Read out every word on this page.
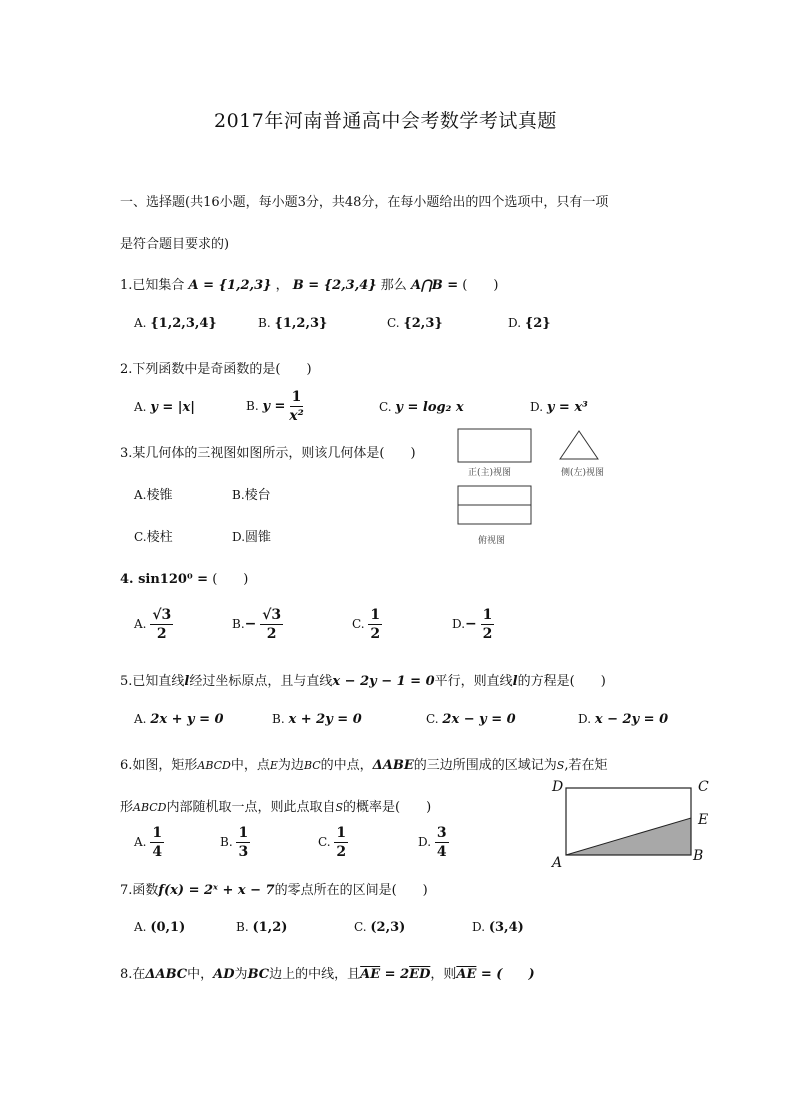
2017年河南普通高中会考数学考试真题
一、选择题(共16小题，每小题3分，共48分，在每小题给出的四个选项中，只有一项
是符合题目要求的)
1.已知集合 A = {1,2,3} ， B = {2,3,4} 那么 A⋂B = (　　)
A. {1,2,3,4}	B. {1,2,3}	C. {2,3}	D. {2}
2.下列函数中是奇函数的是(　　)
A. y = |x|	B. $y = \frac{1}{\text{x²}}$	C. y = log₂ x	D. y = x³
3.某几何体的三视图如图所示，则该几何体是(　　)
A.棱锥	B.棱台
C.棱柱	D.圆锥
正(主)视图	侧(左)视图
俯视图
4. sin120⁰ = (　　)
A. $\frac{√3}{2}$	$B.- \frac{√3}{2}$	C. $\frac{1}{2}$	$D.- \frac{1}{2}$
5.已知直线l经过坐标原点，且与直线x − 2y − 1 = 0平行，则直线l的方程是(　　)
A. 2x + y = 0	B. x + 2y = 0	C. 2x − y = 0	D. x − 2y = 0
6.如图，矩形ABCD中，点E为边BC的中点，ΔABE的三边所围成的区域记为S,若在矩
形ABCD内部随机取一点，则此点取自S的概率是(　　)
A. $\frac{1}{4}$	B. $\frac{1}{3}$	C. $\frac{1}{2}$	D. $\frac{3}{4}$
D	C
E
A	B
7.函数f(x) = 2ˣ + x − 7的零点所在的区间是(　　)
A. (0,1)	B. (1,2)	C. (2,3)	D. (3,4)
8.在ΔABC中，AD为BC边上的中线，且$\overline{AE} = 2\overline{ED}$，则$\overline{AE}$ = (　　)
